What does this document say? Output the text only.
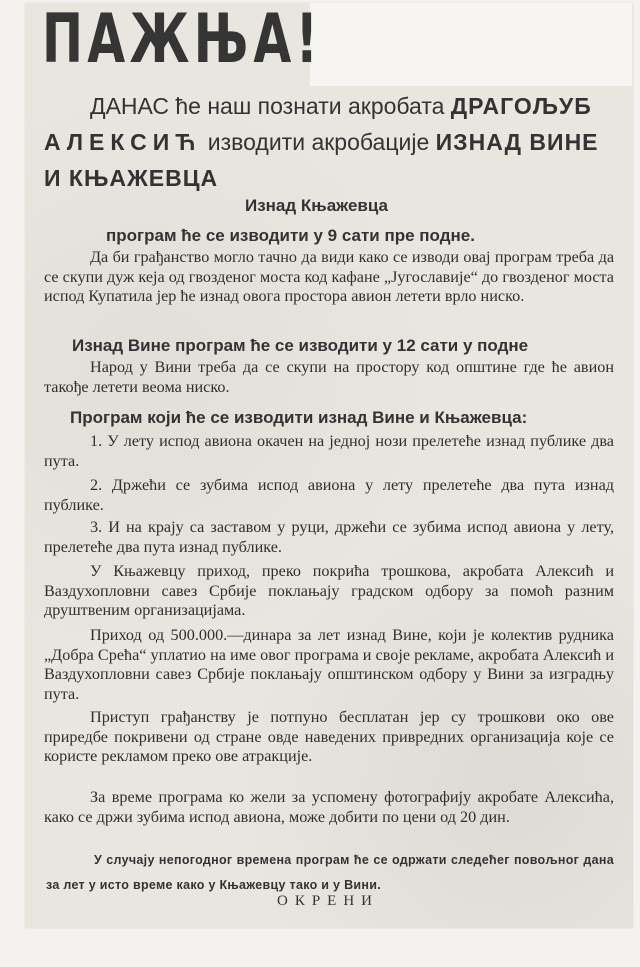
ПАЖЊА!
ДАНАС ће наш познати акробата ДРАГОЉУБ АЛЕКСИЋ изводити акробације ИЗНАД ВИНЕ И КЊАЖЕВЦА
Изнад Књажевца
програм ће се изводити у 9 сати пре подне.
Да би грађанство могло тачно да види како се изводи овај програм треба да се скупи дуж кеја од гвозденог моста код кафане „Југославије“ до гвозденог моста испод Купатила јер ће изнад овога простора авион летети врло ниско.
Изнад Вине програм ће се изводити у 12 сати у подне
Народ у Вини треба да се скупи на простору код општине где ће авион такође летети веома ниско.
Програм који ће се изводити изнад Вине и Књажевца:
1. У лету испод авиона окачен на једној нози прелетеће изнад публике два пута.
2. Држећи се зубима испод авиона у лету прелетеће два пута изнад публике.
3. И на крају са заставом у руци, држећи се зубима испод авиона у лету, прелетеће два пута изнад публике.
У Књажевцу приход, преко покрића трошкова, акробата Алексић и Ваздухопловни савез Србије поклањају градском одбору за помоћ разним друштвеним организацијама.
Приход од 500.000.—динара за лет изнад Вине, који је колектив рудника „Добра Срећа“ уплатио на име овог програма и своје рекламе, акробата Алексић и Ваздухопловни савез Србије поклањају општинском одбору у Вини за изградњу пута.
Приступ грађанству је потпуно бесплатан јер су трошкови око ове приредбе покривени од стране овде наведених привредних организација које се користе рекламом преко ове атракције.
За време програма ко жели за успомену фотографију акробате Алексића, како се држи зубима испод авиона, може добити по цени од 20 дин.
У случају непогодног времена програм ће се одржати следећег повољног дана за лет у исто време како у Књажевцу тако и у Вини.
ОКРЕНИ
